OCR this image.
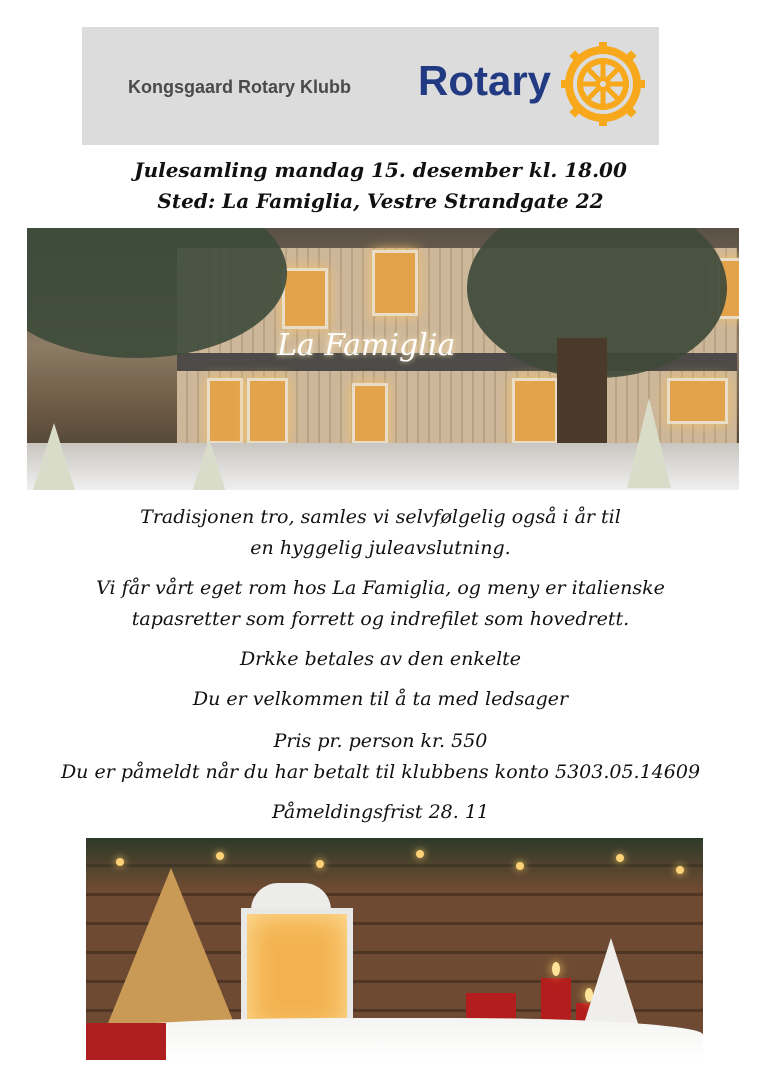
Kongsgaard Rotary Klubb Rotary
Julesamling mandag 15. desember kl. 18.00
Sted: La Famiglia, Vestre Strandgate 22
La Famiglia
Tradisjonen tro, samles vi selvfølgelig også i år til
en hyggelig juleavslutning.
Vi får vårt eget rom hos La Famiglia, og meny er italienske
tapasretter som forrett og indrefilet som hovedrett.
Drkke betales av den enkelte
Du er velkommen til å ta med ledsager
Pris pr. person kr. 550
Du er påmeldt når du har betalt til klubbens konto 5303.05.14609
Påmeldingsfrist 28. 11
